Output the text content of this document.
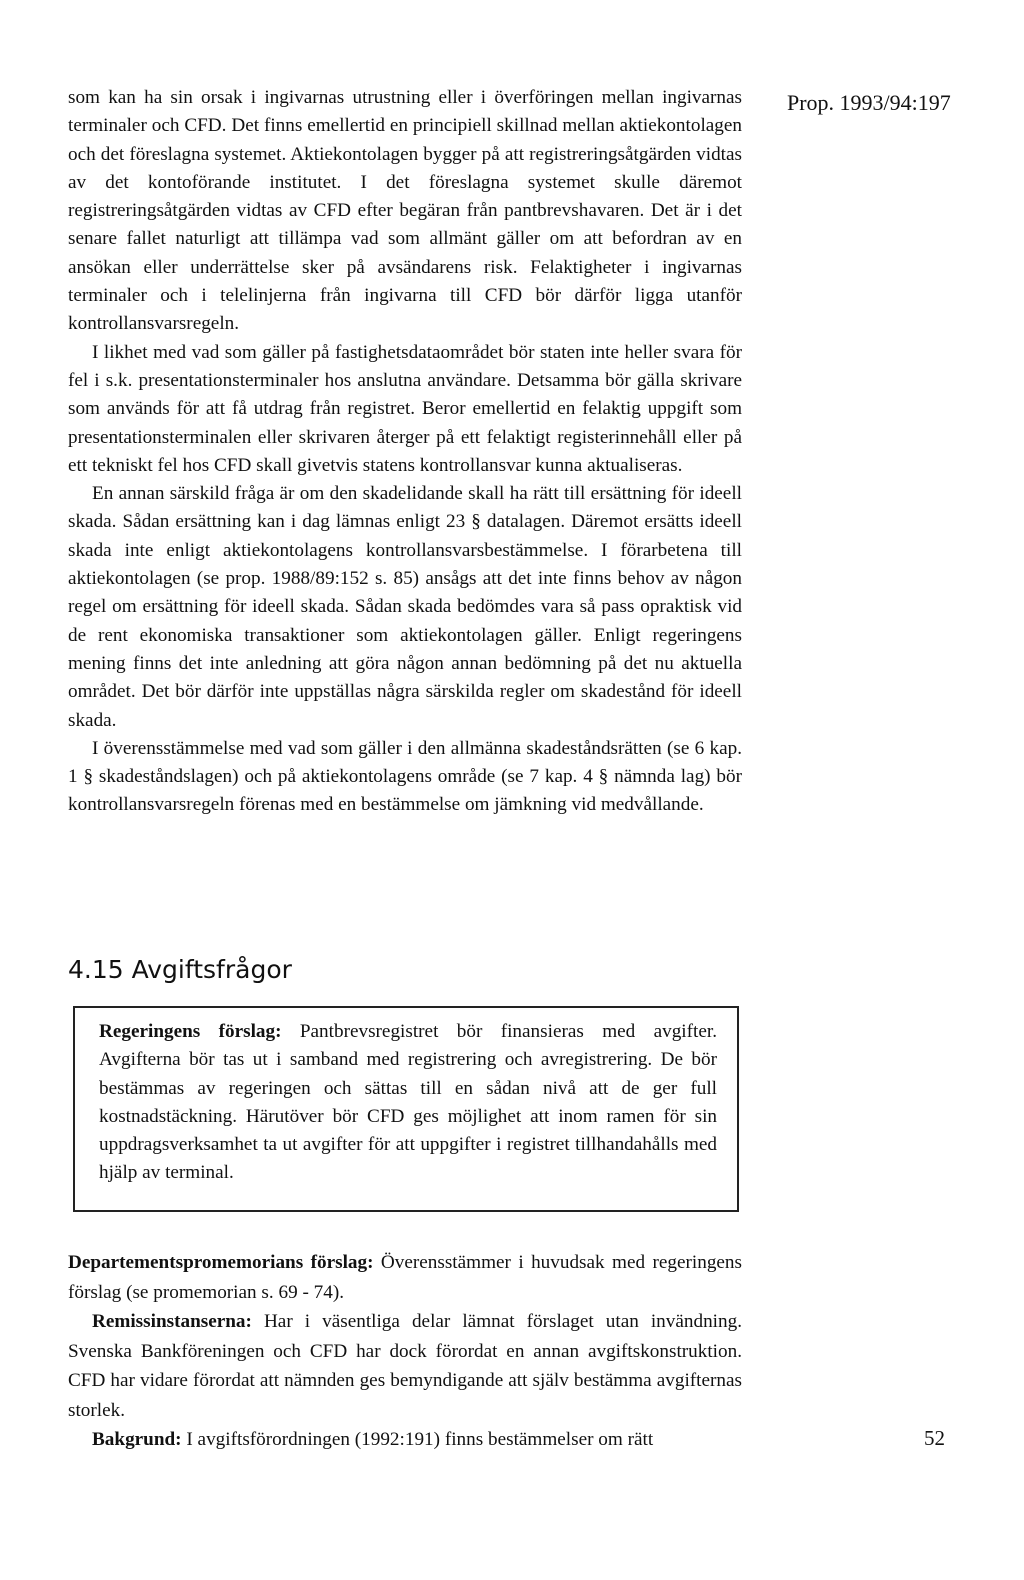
Prop. 1993/94:197

som kan ha sin orsak i ingivarnas utrustning eller i överföringen mellan ingivarnas terminaler och CFD. Det finns emellertid en principiell skillnad mellan aktiekontolagen och det föreslagna systemet. Aktiekontolagen bygger på att registreringsåtgärden vidtas av det kontoförande institutet. I det föreslagna systemet skulle däremot registreringsåtgärden vidtas av CFD efter begäran från pantbrevshavaren. Det är i det senare fallet naturligt att tillämpa vad som allmänt gäller om att befordran av en ansökan eller underrättelse sker på avsändarens risk. Felaktigheter i ingivarnas terminaler och i telelinjerna från ingivarna till CFD bör därför ligga utanför kontrollansvarsregeln.

I likhet med vad som gäller på fastighetsdataområdet bör staten inte heller svara för fel i s.k. presentationsterminaler hos anslutna användare. Detsamma bör gälla skrivare som används för att få utdrag från registret. Beror emellertid en felaktig uppgift som presentationsterminalen eller skrivaren återger på ett felaktigt registerinnehåll eller på ett tekniskt fel hos CFD skall givetvis statens kontrollansvar kunna aktualiseras.

En annan särskild fråga är om den skadelidande skall ha rätt till ersättning för ideell skada. Sådan ersättning kan i dag lämnas enligt 23 § datalagen. Däremot ersätts ideell skada inte enligt aktiekontolagens kontrollansvarsbestämmelse. I förarbetena till aktiekontolagen (se prop. 1988/89:152 s. 85) ansågs att det inte finns behov av någon regel om ersättning för ideell skada. Sådan skada bedömdes vara så pass opraktisk vid de rent ekonomiska transaktioner som aktiekontolagen gäller. Enligt regeringens mening finns det inte anledning att göra någon annan bedömning på det nu aktuella området. Det bör därför inte uppställas några särskilda regler om skadestånd för ideell skada.

I överensstämmelse med vad som gäller i den allmänna skadeståndsrätten (se 6 kap. 1 § skadeståndslagen) och på aktiekontolagens område (se 7 kap. 4 § nämnda lag) bör kontrollansvarsregeln förenas med en bestämmelse om jämkning vid medvållande.

4.15 Avgiftsfrågor

Regeringens förslag: Pantbrevsregistret bör finansieras med avgifter. Avgifterna bör tas ut i samband med registrering och avregistrering. De bör bestämmas av regeringen och sättas till en sådan nivå att de ger full kostnadstäckning. Härutöver bör CFD ges möjlighet att inom ramen för sin uppdragsverksamhet ta ut avgifter för att uppgifter i registret tillhandahålls med hjälp av terminal.

Departementspromemorians förslag: Överensstämmer i huvudsak med regeringens förslag (se promemorian s. 69 - 74).

Remissinstanserna: Har i väsentliga delar lämnat förslaget utan invändning. Svenska Bankföreningen och CFD har dock förordat en annan avgiftskonstruktion. CFD har vidare förordat att nämnden ges bemyndigande att själv bestämma avgifternas storlek.

Bakgrund: I avgiftsförordningen (1992:191) finns bestämmelser om rätt	52
